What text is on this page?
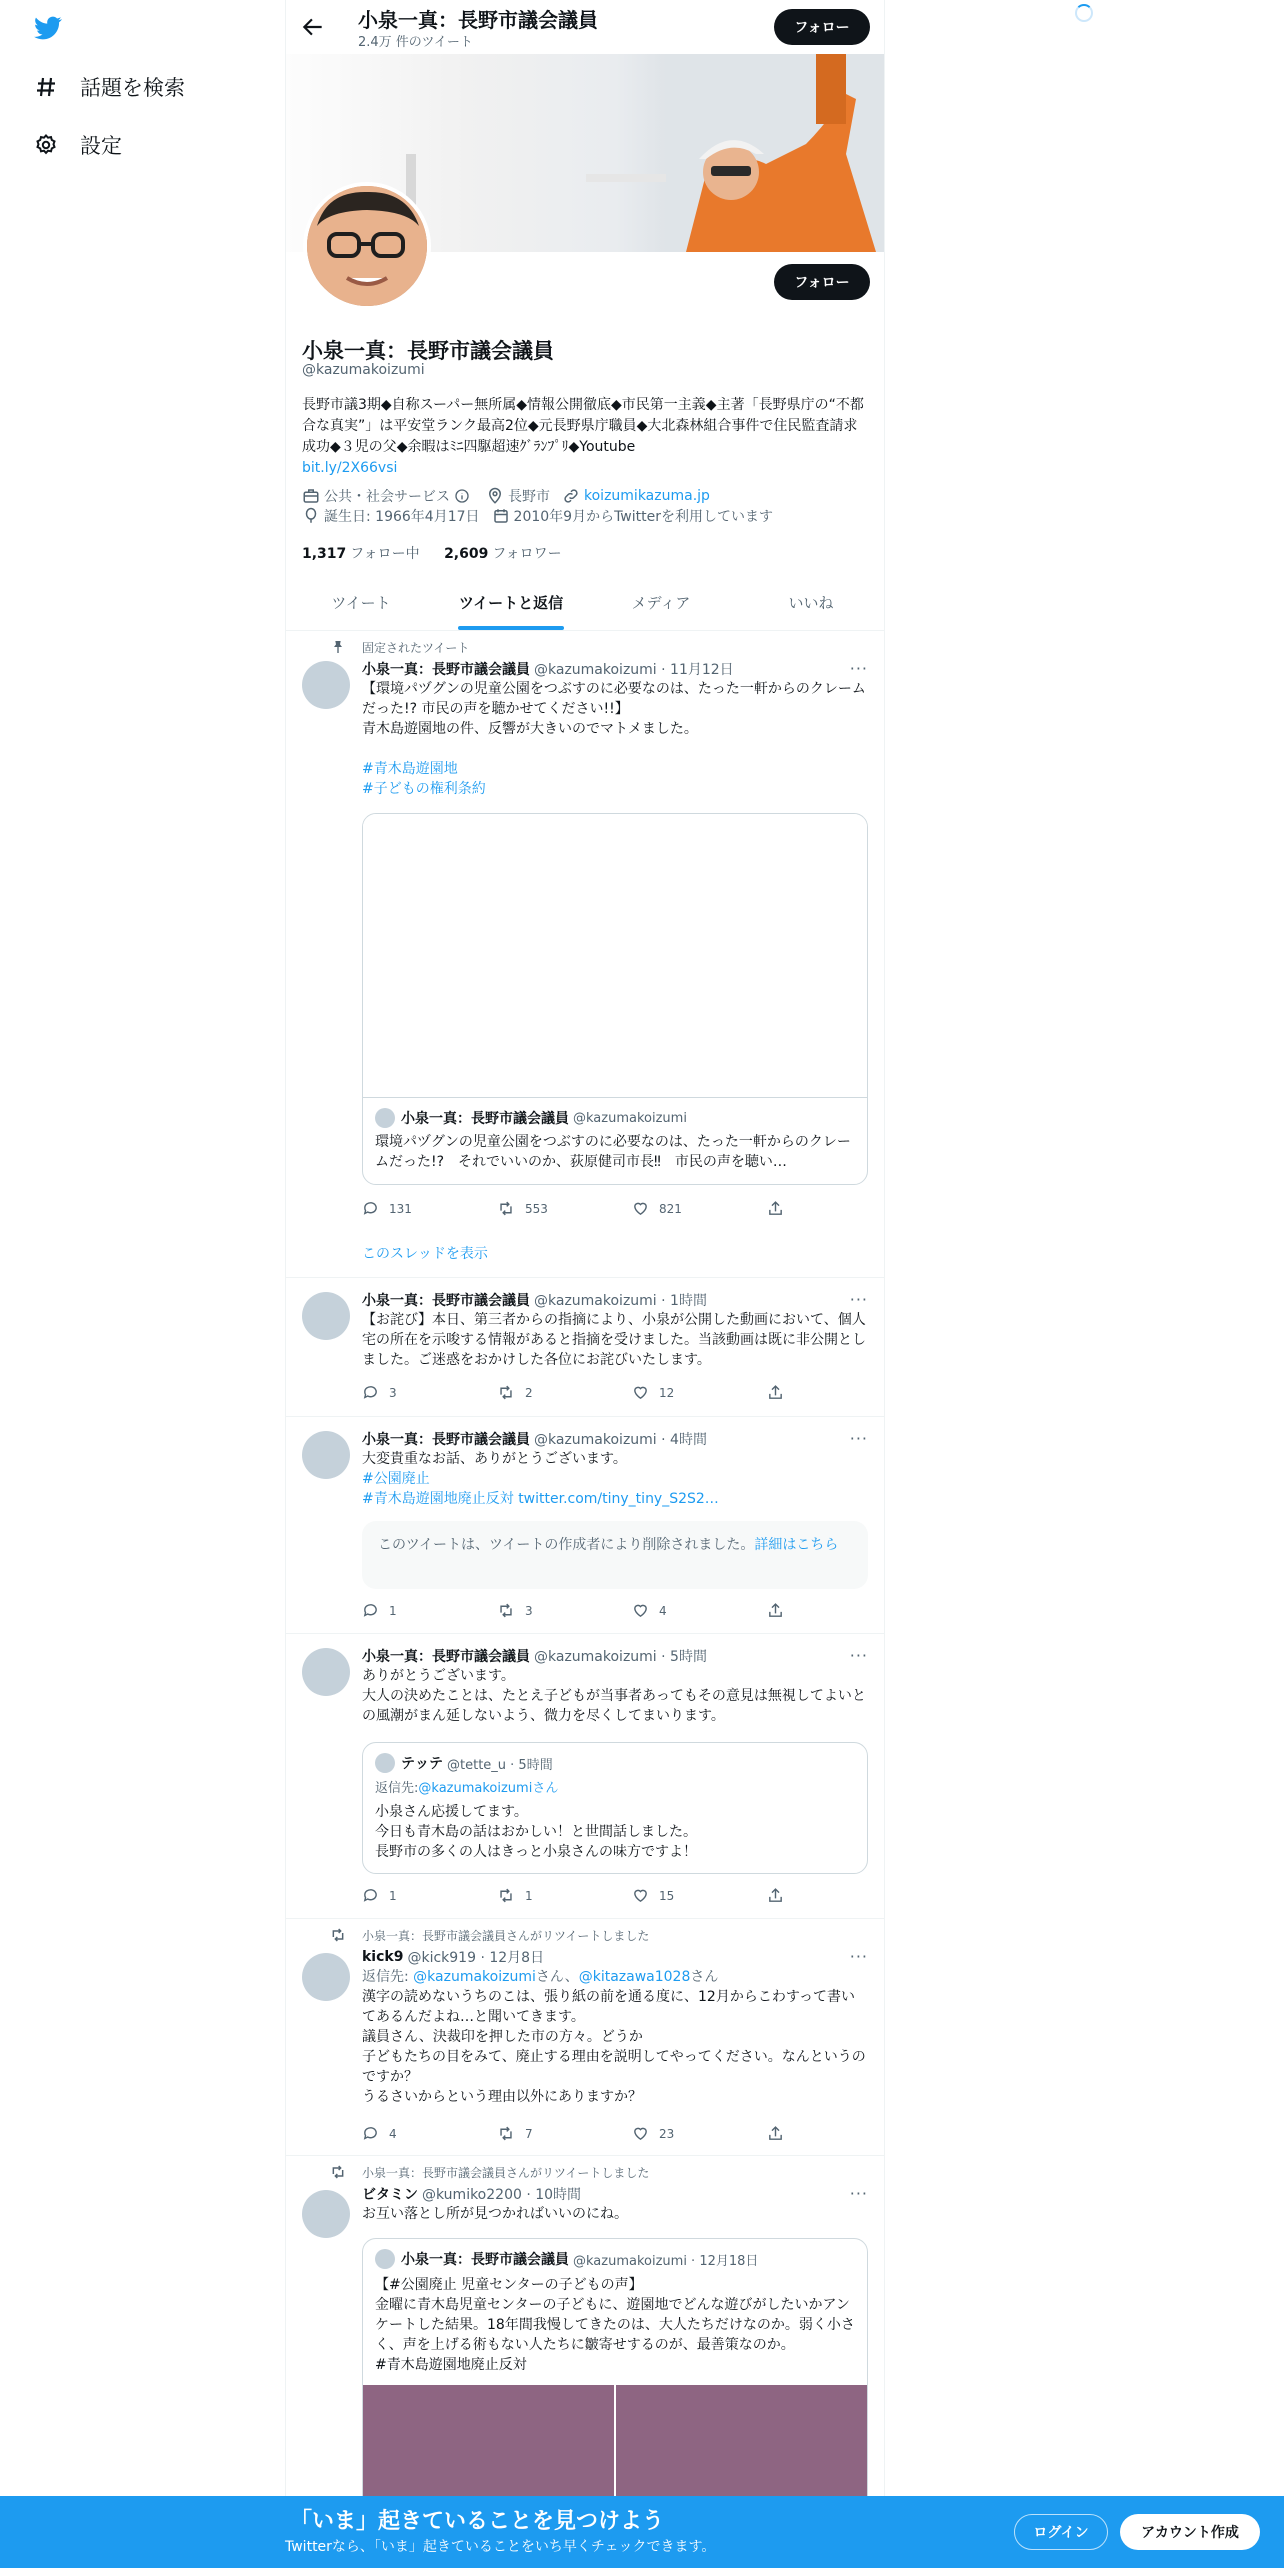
話題を検索
設定
小泉一真：長野市議会議員
2.4万 件のツイート
フォロー
フォロー
小泉一真：長野市議会議員
@kazumakoizumi
長野市議3期◆自称スーパー無所属◆情報公開徹底◆市民第一主義◆主著「長野県庁の“不都合な真実”」は平安堂ランク最高2位◆元長野県庁職員◆大北森林組合事件で住民監査請求成功◆３児の父◆余暇はﾐﾆ四駆超速ｸﾞﾗﾝﾌﾟﾘ◆Youtube
bit.ly/2X66vsi
公共・社会サービス	長野市 koizumikazuma.jp
誕生日: 1966年4月17日 2010年9月からTwitterを利用しています
1,317 フォロー中 2,609 フォロワー
ツイート	ツイートと返信	メディア	いいね
固定されたツイート
小泉一真：長野市議会議員 @kazumakoizumi · 11月12日	···
【環境パヅグンの児童公園をつぶすのに必要なのは、たった一軒からのクレームだった!? 市民の声を聴かせてください!!】
青木島遊園地の件、反響が大きいのでマトメました。
#青木島遊園地
#子どもの権利条約
小泉一真：長野市議会議員 @kazumakoizumi
環境パヅグンの児童公園をつぶすのに必要なのは、たった一軒からのクレームだった!?　それでいいのか、荻原健司市長‼　市民の声を聴い…
131	553	821
このスレッドを表示
小泉一真：長野市議会議員 @kazumakoizumi · 1時間	···
【お詫び】本日、第三者からの指摘により、小泉が公開した動画において、個人宅の所在を示唆する情報があると指摘を受けました。当該動画は既に非公開としました。ご迷惑をおかけした各位にお詫びいたします。
3	2	12
小泉一真：長野市議会議員 @kazumakoizumi · 4時間	···
大変貴重なお話、ありがとうございます。
#公園廃止
#青木島遊園地廃止反対 twitter.com/tiny_tiny_S2S2…
このツイートは、ツイートの作成者により削除されました。詳細はこちら
1	3	4
小泉一真：長野市議会議員 @kazumakoizumi · 5時間	···
ありがとうございます。
大人の決めたことは、たとえ子どもが当事者あってもその意見は無視してよいとの風潮がまん延しないよう、微力を尽くしてまいります。
テッテ @tette_u · 5時間
返信先: @kazumakoizumiさん
小泉さん応援してます。
今日も青木島の話はおかしい！と世間話しました。
長野市の多くの人はきっと小泉さんの味方ですよ！
1	1	15
小泉一真：長野市議会議員さんがリツイートしました
kick9 @kick919 · 12月8日	···
返信先: @kazumakoizumiさん、@kitazawa1028さん
漢字の読めないうちのこは、張り紙の前を通る度に、12月からこわすって書いてあるんだよね…と聞いてきます。
議員さん、決裁印を押した市の方々。どうか
子どもたちの目をみて、廃止する理由を説明してやってください。なんというのですか？
うるさいからという理由以外にありますか？
4	7	23
小泉一真：長野市議会議員さんがリツイートしました
ビタミン @kumiko2200 · 10時間	···
お互い落とし所が見つかればいいのにね。
小泉一真：長野市議会議員 @kazumakoizumi · 12月18日
【#公園廃止 児童センターの子どもの声】
金曜に青木島児童センターの子どもに、遊園地でどんな遊びがしたいかアンケートした結果。18年間我慢してきたのは、大人たちだけなのか。弱く小さく、声を上げる術もない人たちに皺寄せするのが、最善策なのか。
#青木島遊園地廃止反対
「いま」起きていることを見つけよう
Twitterなら、「いま」起きていることをいち早くチェックできます。
ログイン	アカウント作成
